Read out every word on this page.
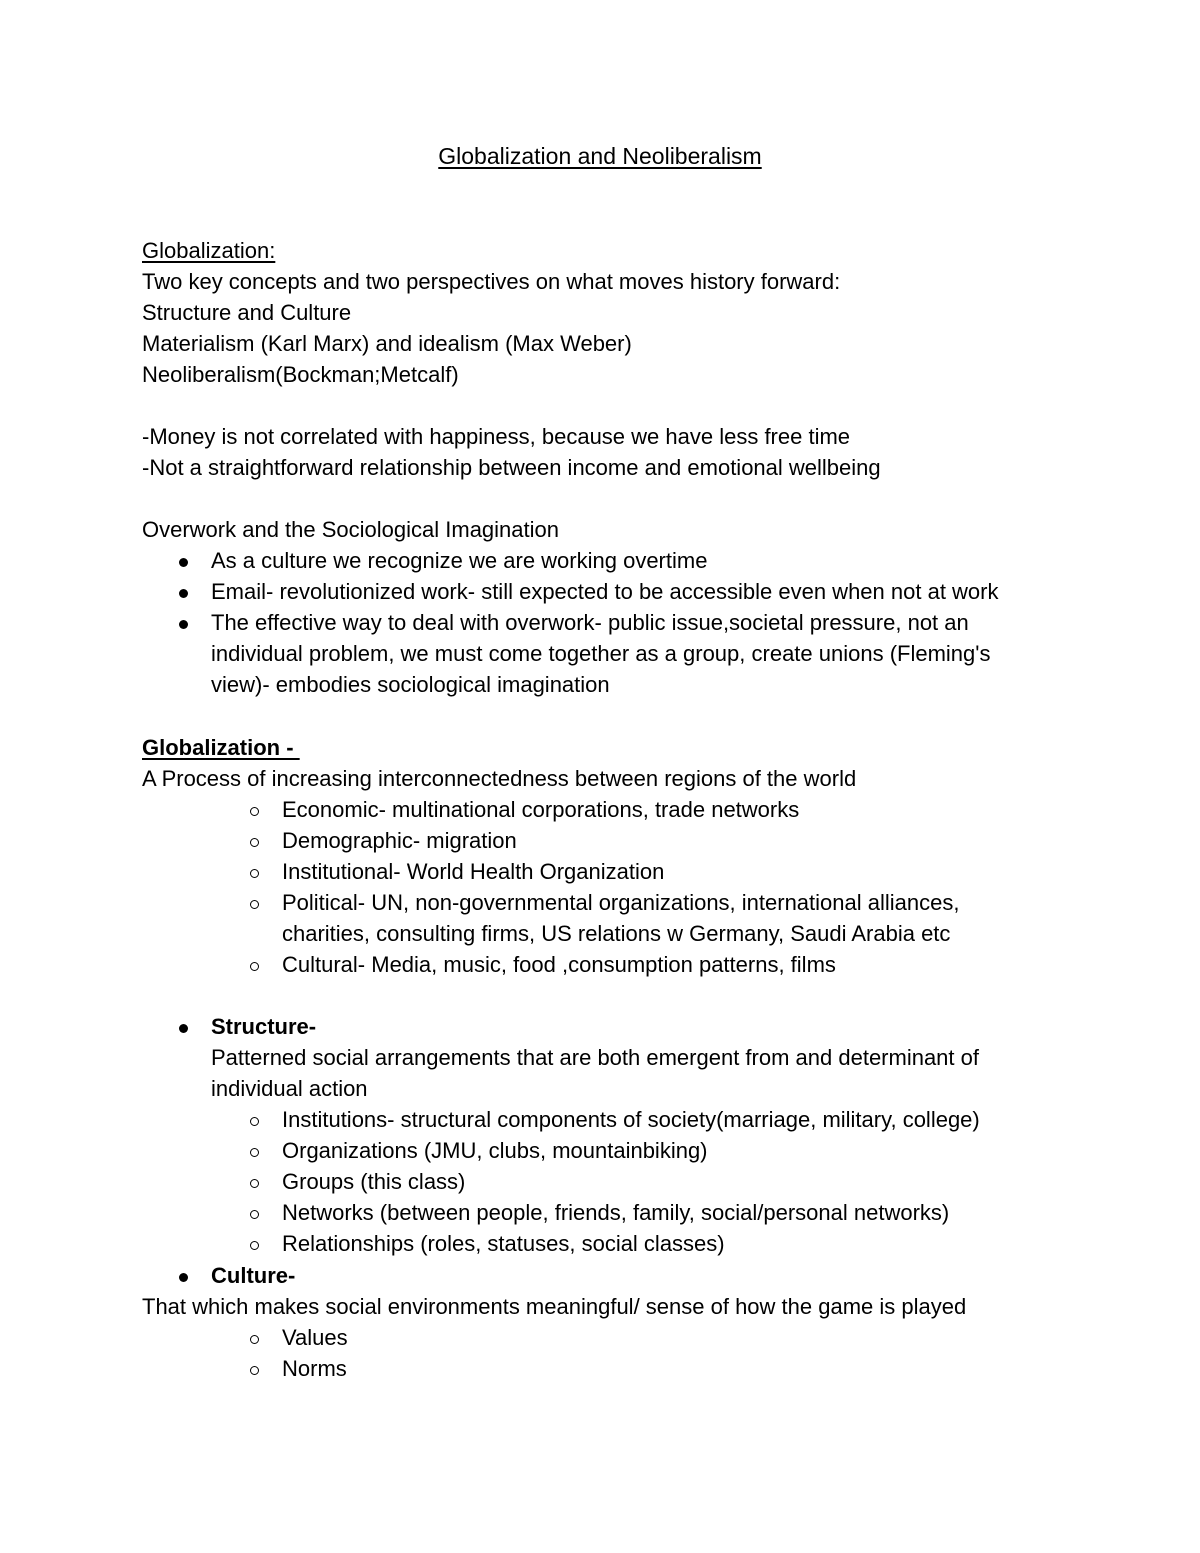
Globalization and Neoliberalism
Globalization:
Two key concepts and two perspectives on what moves history forward:
Structure and Culture
Materialism (Karl Marx) and idealism (Max Weber)
Neoliberalism(Bockman;Metcalf)
-Money is not correlated with happiness, because we have less free time
-Not a straightforward relationship between income and emotional wellbeing
Overwork and the Sociological Imagination
As a culture we recognize we are working overtime
Email- revolutionized work- still expected to be accessible even when not at work
The effective way to deal with overwork- public issue,societal pressure, not an
individual problem, we must come together as a group, create unions (Fleming's
view)- embodies sociological imagination
Globalization -
A Process of increasing interconnectedness between regions of the world
Economic- multinational corporations, trade networks
Demographic- migration
Institutional- World Health Organization
Political- UN, non-governmental organizations, international alliances,
charities, consulting firms, US relations w Germany, Saudi Arabia etc
Cultural- Media, music, food ,consumption patterns, films
Structure-
Patterned social arrangements that are both emergent from and determinant of
individual action
Institutions- structural components of society(marriage, military, college)
Organizations (JMU, clubs, mountainbiking)
Groups (this class)
Networks (between people, friends, family, social/personal networks)
Relationships (roles, statuses, social classes)
Culture-
That which makes social environments meaningful/ sense of how the game is played
Values
Norms
